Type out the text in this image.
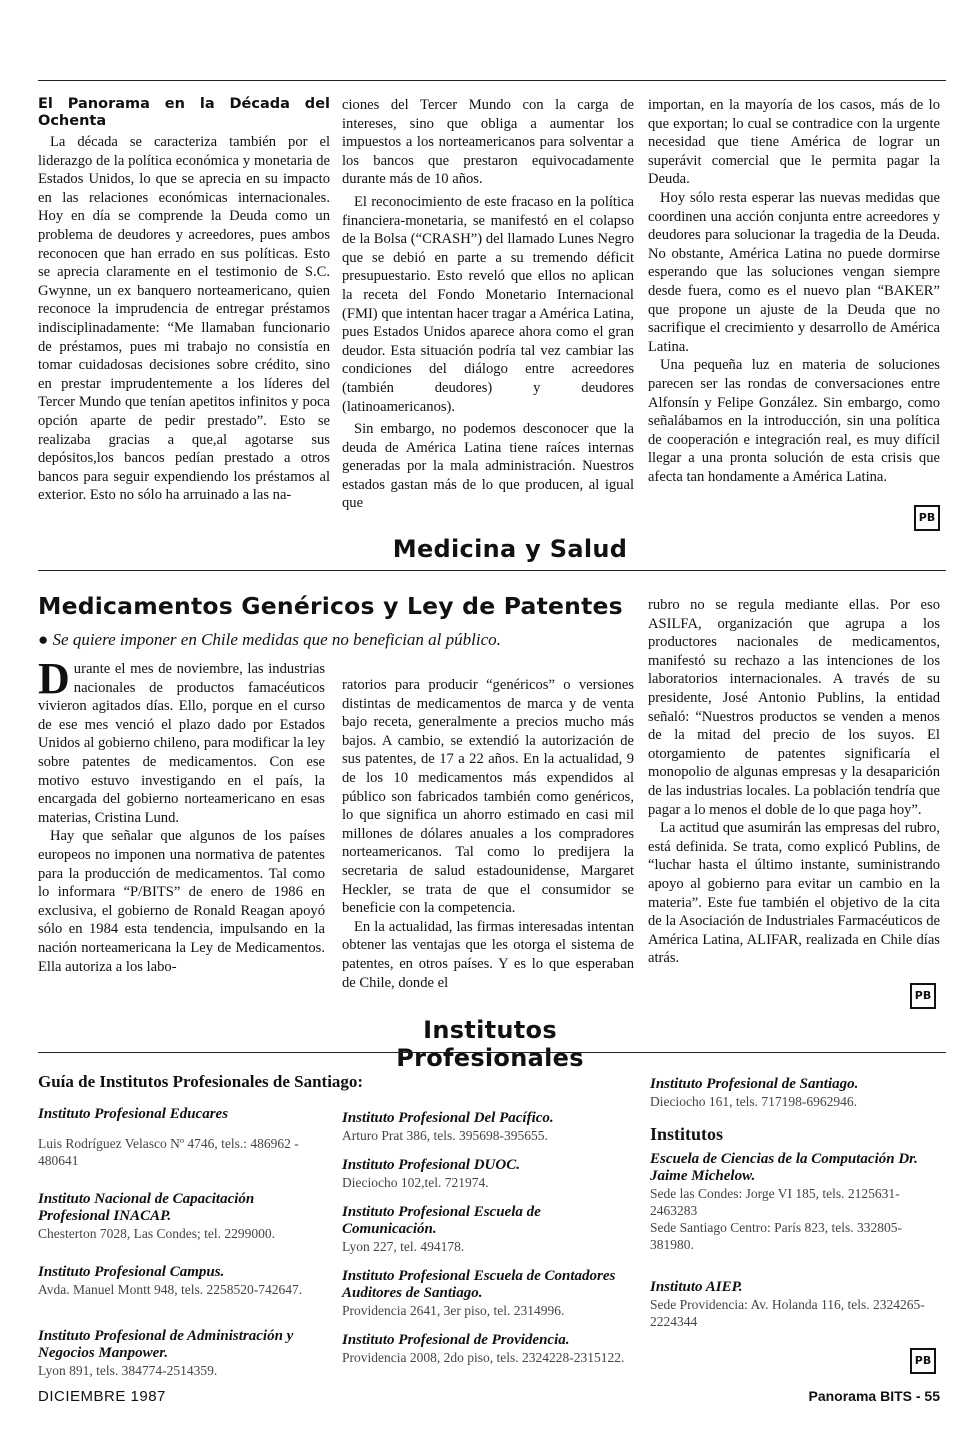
El Panorama en la Década del Ochenta

La década se caracteriza también por el liderazgo de la política económica y monetaria de Estados Unidos, lo que se aprecia en su impacto en las relaciones económicas internacionales. Hoy en día se comprende la Deuda como un problema de deudores y acreedores, pues ambos reconocen que han errado en sus políticas. Esto se aprecia claramente en el testimonio de S.C. Gwynne, un ex banquero norteamericano, quien reconoce la imprudencia de entregar préstamos indisciplinadamente: “Me llamaban funcionario de préstamos, pues mi trabajo no consistía en tomar cuidadosas decisiones sobre crédito, sino en prestar imprudentemente a los líderes del Tercer Mundo que tenían apetitos infinitos y poca opción aparte de pedir prestado”. Esto se realizaba gracias a que,al agotarse sus depósitos,los bancos pedían prestado a otros bancos para seguir expendiendo los préstamos al exterior. Esto no sólo ha arruinado a las na-

ciones del Tercer Mundo con la carga de intereses, sino que obliga a aumentar los impuestos a los norteamericanos para solventar a los bancos que prestaron equivocadamente durante más de 10 años.

El reconocimiento de este fracaso en la política financiera-monetaria, se manifestó en el colapso de la Bolsa (“CRASH”) del llamado Lunes Negro que se debió en parte a su tremendo déficit presupuestario. Esto reveló que ellos no aplican la receta del Fondo Monetario Internacional (FMI) que intentan hacer tragar a América Latina, pues Estados Unidos aparece ahora como el gran deudor. Esta situación podría tal vez cambiar las condiciones del diálogo entre acreedores (también deudores) y deudores (latinoamericanos).

Sin embargo, no podemos desconocer que la deuda de América Latina tiene raíces internas generadas por la mala administración. Nuestros estados gastan más de lo que producen, al igual que

importan, en la mayoría de los casos, más de lo que exportan; lo cual se contradice con la urgente necesidad que tiene América de lograr un superávit comercial que le permita pagar la Deuda.

Hoy sólo resta esperar las nuevas medidas que coordinen una acción conjunta entre acreedores y deudores para solucionar la tragedia de la Deuda. No obstante, América Latina no puede dormirse esperando que las soluciones vengan siempre desde fuera, como es el nuevo plan “BAKER” que propone un ajuste de la Deuda que no sacrifique el crecimiento y desarrollo de América Latina.

Una pequeña luz en materia de soluciones parecen ser las rondas de conversaciones entre Alfonsín y Felipe González. Sin embargo, como señalábamos en la introducción, sin una política de cooperación e integración real, es muy difícil llegar a una pronta solución de esta crisis que afecta tan hondamente a América Latina.

PB
Medicina y Salud
Medicamentos Genéricos y Ley de Patentes
● Se quiere imponer en Chile medidas que no benefician al público.

Durante el mes de noviembre, las industrias nacionales de productos famacéuticos vivieron agitados días. Ello, porque en el curso de ese mes venció el plazo dado por Estados Unidos al gobierno chileno, para modificar la ley sobre patentes de medicamentos. Con ese motivo estuvo investigando en el país, la encargada del gobierno norteamericano en esas materias, Cristina Lund.

Hay que señalar que algunos de los países europeos no imponen una normativa de patentes para la producción de medicamentos. Tal como lo informara “P/BITS” de enero de 1986 en exclusiva, el gobierno de Ronald Reagan apoyó sólo en 1984 esta tendencia, impulsando en la nación norteamericana la Ley de Medicamentos. Ella autoriza a los labo-

ratorios para producir “genéricos” o versiones distintas de medicamentos de marca y de venta bajo receta, generalmente a precios mucho más bajos. A cambio, se extendió la autorización de sus patentes, de 17 a 22 años. En la actualidad, 9 de los 10 medicamentos más expendidos al público son fabricados también como genéricos, lo que significa un ahorro estimado en casi mil millones de dólares anuales a los compradores norteamericanos. Tal como lo predijera la secretaria de salud estadounidense, Margaret Heckler, se trata de que el consumidor se beneficie con la competencia.

En la actualidad, las firmas interesadas intentan obtener las ventajas que les otorga el sistema de patentes, en otros países. Y es lo que esperaban de Chile, donde el

rubro no se regula mediante ellas. Por eso ASILFA, organización que agrupa a los productores nacionales de medicamentos, manifestó su rechazo a las intenciones de los laboratorios internacionales. A través de su presidente, José Antonio Publins, la entidad señaló: “Nuestros productos se venden a menos de la mitad del precio de los suyos. El otorgamiento de patentes significaría el monopolio de algunas empresas y la desaparición de las industrias locales. La población tendría que pagar a lo menos el doble de lo que paga hoy”.

La actitud que asumirán las empresas del rubro, está definida. Se trata, como explicó Publins, de “luchar hasta el último instante, suministrando apoyo al gobierno para evitar un cambio en la materia”. Este fue también el objetivo de la cita de la Asociación de Industriales Farmacéuticos de América Latina, ALIFAR, realizada en Chile días atrás.

PB
Institutos Profesionales
Guía de Institutos Profesionales de Santiago:
Instituto Profesional Educares
Luis Rodríguez Velasco Nº 4746, tels.: 486962 - 480641
Instituto Nacional de Capacitación Profesional INACAP.
Chesterton 7028, Las Condes; tel. 2299000.
Instituto Profesional Campus.
Avda. Manuel Montt 948, tels. 2258520-742647.
Instituto Profesional de Administración y Negocios Manpower.
Lyon 891, tels. 384774-2514359.
Instituto Profesional Del Pacífico.
Arturo Prat 386, tels. 395698-395655.
Instituto Profesional DUOC.
Dieciocho 102,tel. 721974.
Instituto Profesional Escuela de Comunicación.
Lyon 227, tel. 494178.
Instituto Profesional Escuela de Contadores Auditores de Santiago.
Providencia 2641, 3er piso, tel. 2314996.
Instituto Profesional de Providencia.
Providencia 2008, 2do piso, tels. 2324228-2315122.
Instituto Profesional de Santiago.
Dieciocho 161, tels. 717198-6962946.
Institutos
Escuela de Ciencias de la Computación Dr. Jaime Michelow.
Sede las Condes: Jorge VI 185, tels. 2125631-2463283
Sede Santiago Centro: París 823, tels. 332805-381980.
Instituto AIEP.
Sede Providencia: Av. Holanda 116, tels. 2324265-2224344
PB
DICIEMBRE 1987	Panorama BITS - 55
